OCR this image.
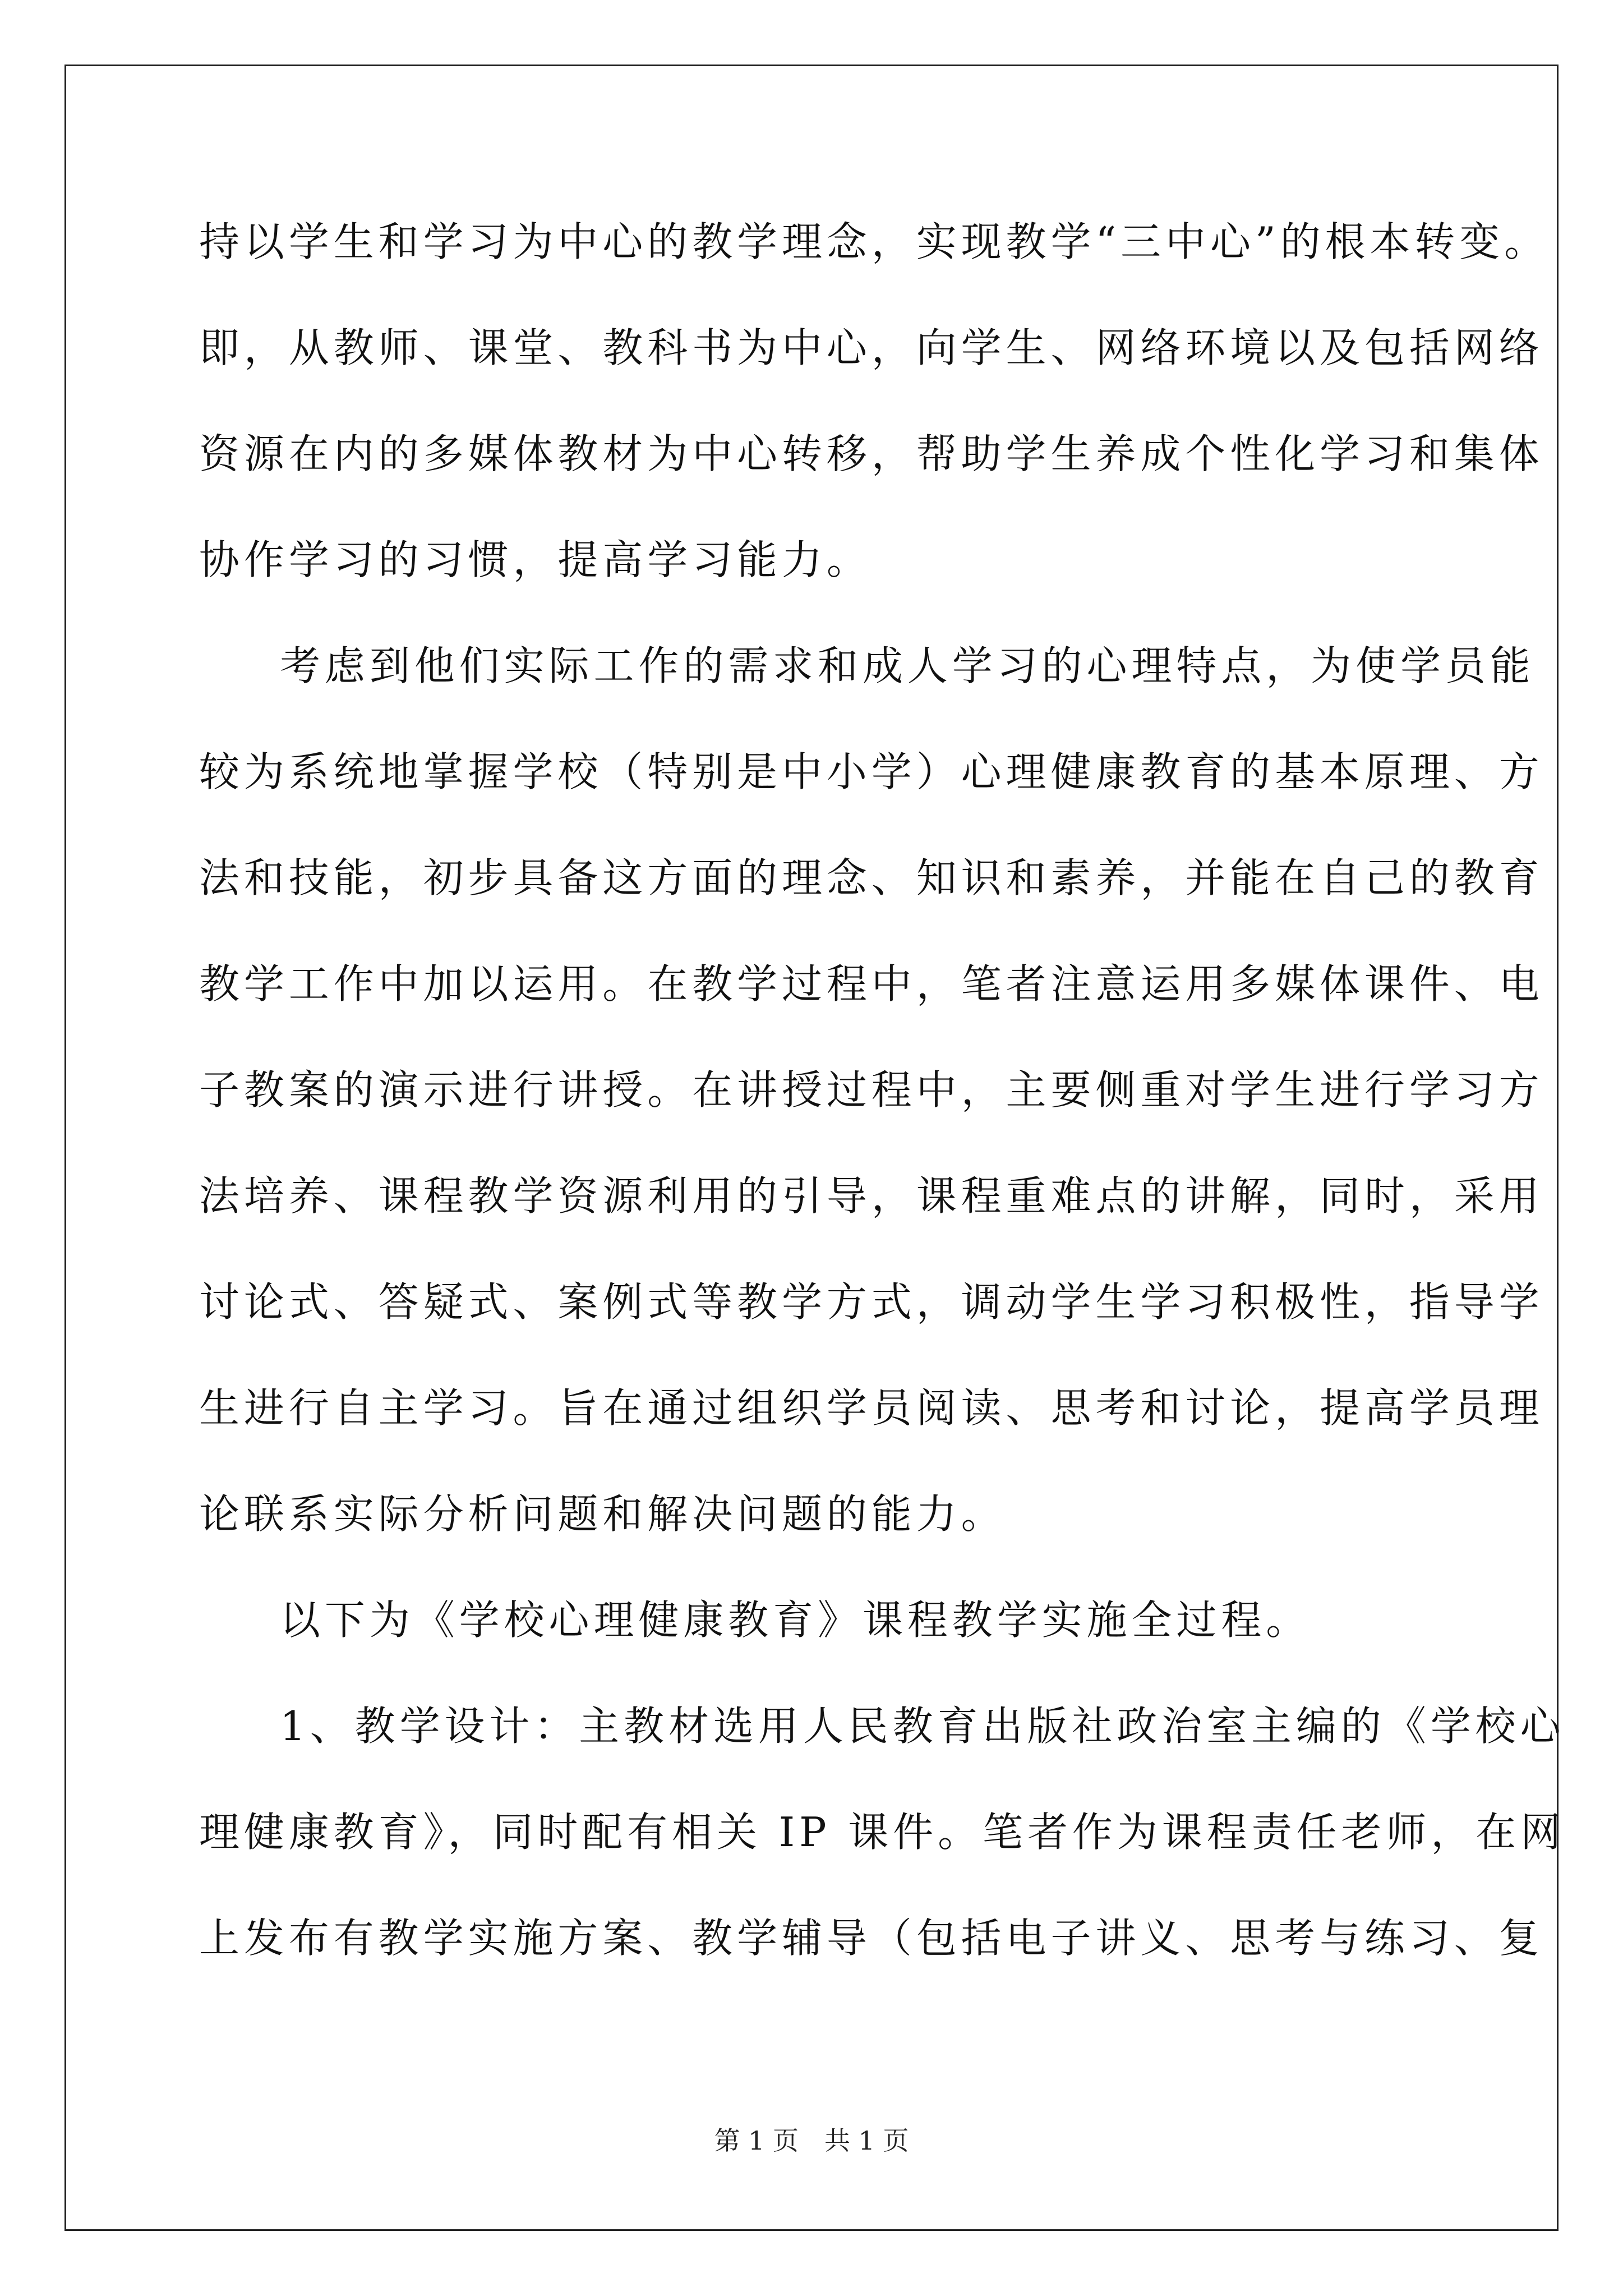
持以学生和学习为中心的教学理念，实现教学“三中心”的根本转变。
即，从教师、课堂、教科书为中心，向学生、网络环境以及包括网络
资源在内的多媒体教材为中心转移，帮助学生养成个性化学习和集体
协作学习的习惯，提高学习能力。
考虑到他们实际工作的需求和成人学习的心理特点，为使学员能
较为系统地掌握学校（特别是中小学）心理健康教育的基本原理、方
法和技能，初步具备这方面的理念、知识和素养，并能在自己的教育
教学工作中加以运用。在教学过程中，笔者注意运用多媒体课件、电
子教案的演示进行讲授。在讲授过程中，主要侧重对学生进行学习方
法培养、课程教学资源利用的引导，课程重难点的讲解，同时，采用
讨论式、答疑式、案例式等教学方式，调动学生学习积极性，指导学
生进行自主学习。旨在通过组织学员阅读、思考和讨论，提高学员理
论联系实际分析问题和解决问题的能力。
以下为《学校心理健康教育》课程教学实施全过程。
1、教学设计：主教材选用人民教育出版社政治室主编的《学校心
理健康教育》，同时配有相关 IP 课件。笔者作为课程责任老师，在网
上发布有教学实施方案、教学辅导（包括电子讲义、思考与练习、复
第 1 页　共 1 页
